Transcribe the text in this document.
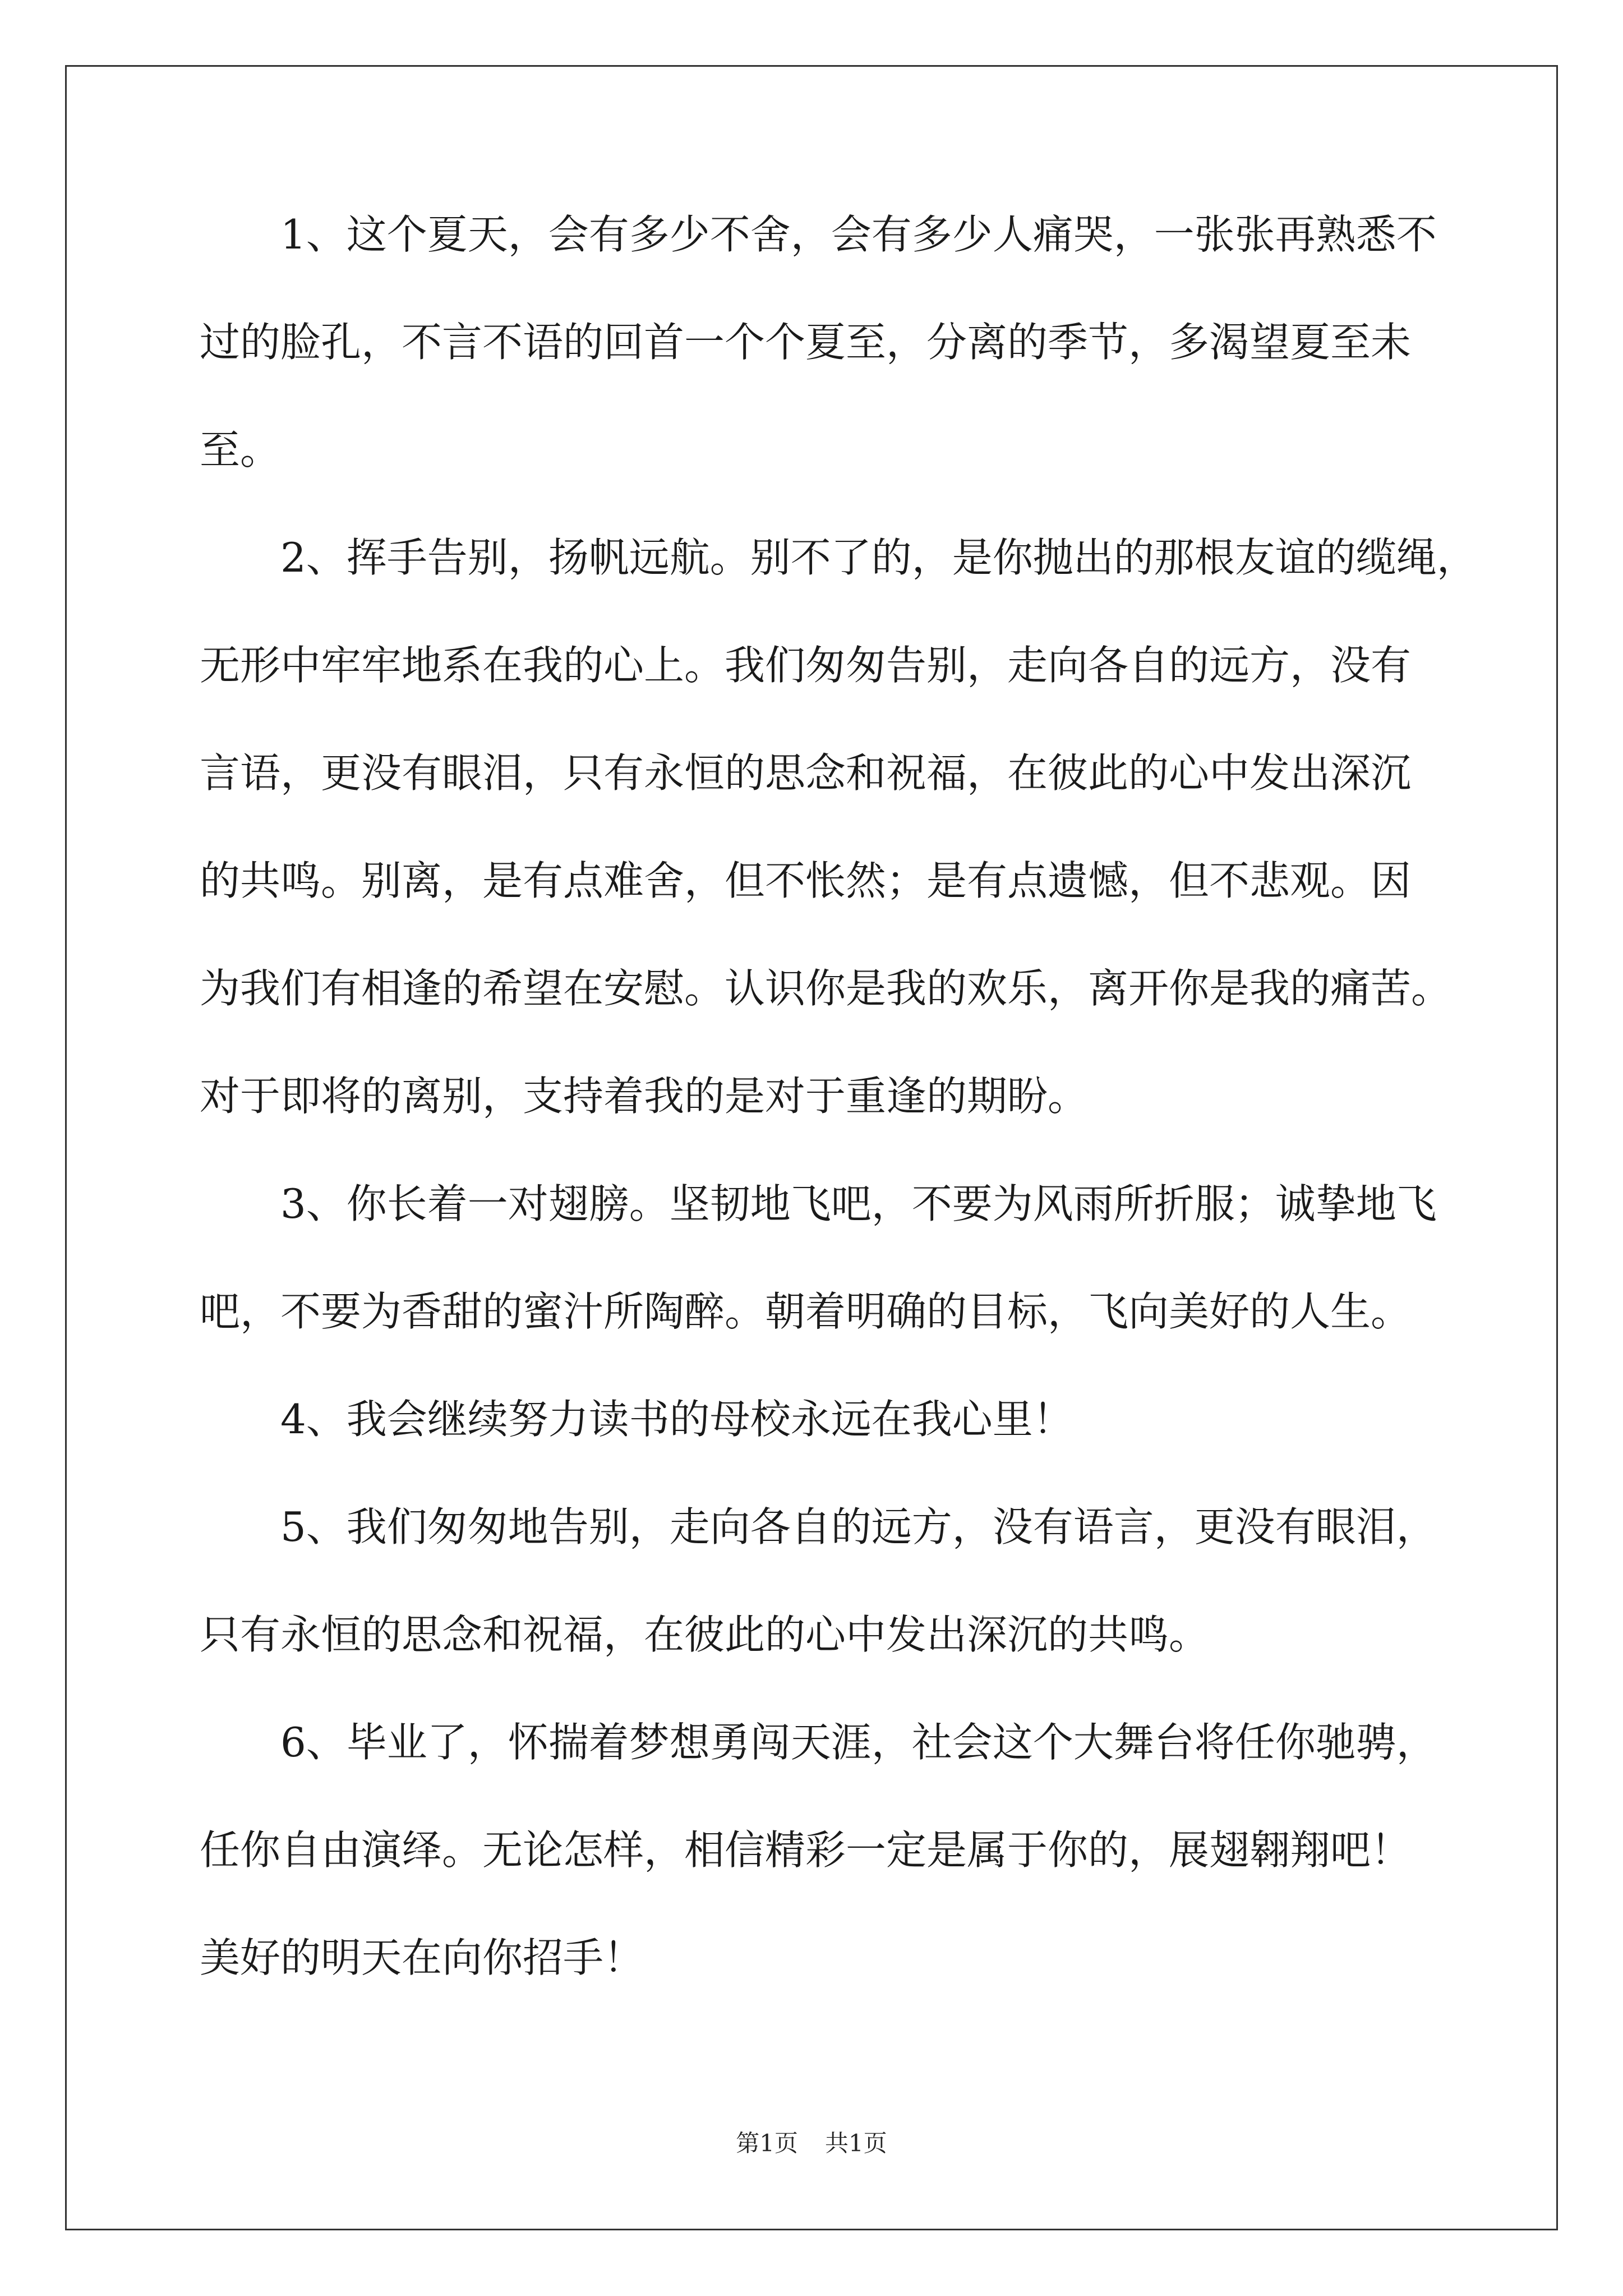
1、这个夏天，会有多少不舍，会有多少人痛哭，一张张再熟悉不
过的脸孔，不言不语的回首一个个夏至，分离的季节，多渴望夏至未
至。
2、挥手告别，扬帆远航。别不了的，是你抛出的那根友谊的缆绳，
无形中牢牢地系在我的心上。我们匆匆告别，走向各自的远方，没有
言语，更没有眼泪，只有永恒的思念和祝福，在彼此的心中发出深沉
的共鸣。别离，是有点难舍，但不怅然；是有点遗憾，但不悲观。因
为我们有相逢的希望在安慰。认识你是我的欢乐，离开你是我的痛苦。
对于即将的离别，支持着我的是对于重逢的期盼。
3、你长着一对翅膀。坚韧地飞吧，不要为风雨所折服；诚挚地飞
吧，不要为香甜的蜜汁所陶醉。朝着明确的目标，飞向美好的人生。
4、我会继续努力读书的母校永远在我心里！
5、我们匆匆地告别，走向各自的远方，没有语言，更没有眼泪，
只有永恒的思念和祝福，在彼此的心中发出深沉的共鸣。
6、毕业了，怀揣着梦想勇闯天涯，社会这个大舞台将任你驰骋，
任你自由演绎。无论怎样，相信精彩一定是属于你的，展翅翱翔吧！
美好的明天在向你招手！
第1页 共1页
